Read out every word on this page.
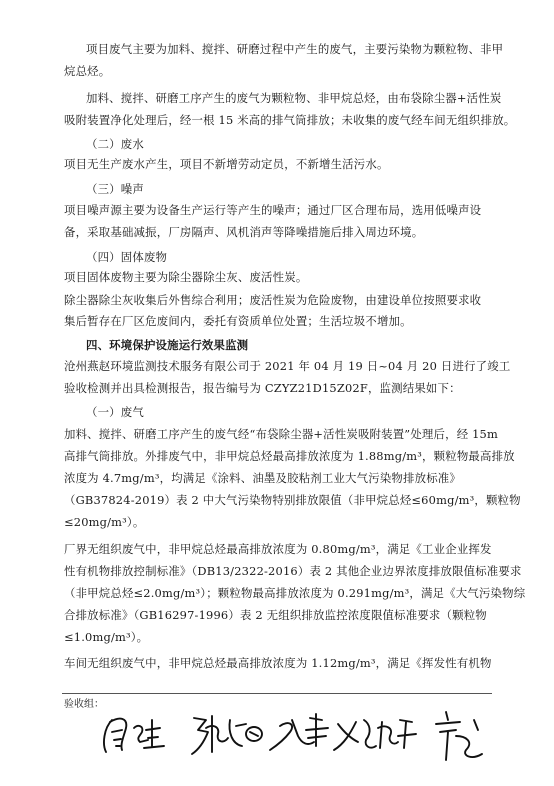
项目废气主要为加料、搅拌、研磨过程中产生的废气，主要污染物为颗粒物、非甲
烷总烃。
加料、搅拌、研磨工序产生的废气为颗粒物、非甲烷总烃，由布袋除尘器+活性炭
吸附装置净化处理后，经一根 15 米高的排气筒排放；未收集的废气经车间无组织排放。
（二）废水
项目无生产废水产生，项目不新增劳动定员，不新增生活污水。
（三）噪声
项目噪声源主要为设备生产运行等产生的噪声；通过厂区合理布局，选用低噪声设
备，采取基础减振，厂房隔声、风机消声等降噪措施后排入周边环境。
（四）固体废物
项目固体废物主要为除尘器除尘灰、废活性炭。
除尘器除尘灰收集后外售综合利用；废活性炭为危险废物，由建设单位按照要求收
集后暂存在厂区危废间内，委托有资质单位处置；生活垃圾不增加。
四、环境保护设施运行效果监测
沧州燕赵环境监测技术服务有限公司于 2021 年 04 月 19 日~04 月 20 日进行了竣工
验收检测并出具检测报告，报告编号为 CZYZ21D15Z02F，监测结果如下：
（一）废气
加料、搅拌、研磨工序产生的废气经“布袋除尘器+活性炭吸附装置”处理后，经 15m
高排气筒排放。外排废气中，非甲烷总烃最高排放浓度为 1.88mg/m³，颗粒物最高排放
浓度为 4.7mg/m³，均满足《涂料、油墨及胶粘剂工业大气污染物排放标准》
（GB37824-2019）表 2 中大气污染物特别排放限值（非甲烷总烃≤60mg/m³，颗粒物
≤20mg/m³）。
厂界无组织废气中，非甲烷总烃最高排放浓度为 0.80mg/m³，满足《工业企业挥发
性有机物排放控制标准》（DB13/2322-2016）表 2 其他企业边界浓度排放限值标准要求
（非甲烷总烃≤2.0mg/m³）；颗粒物最高排放浓度为 0.291mg/m³，满足《大气污染物综
合排放标准》（GB16297-1996）表 2 无组织排放监控浓度限值标准要求（颗粒物
≤1.0mg/m³）。
车间无组织废气中，非甲烷总烃最高排放浓度为 1.12mg/m³，满足《挥发性有机物
验收组：
